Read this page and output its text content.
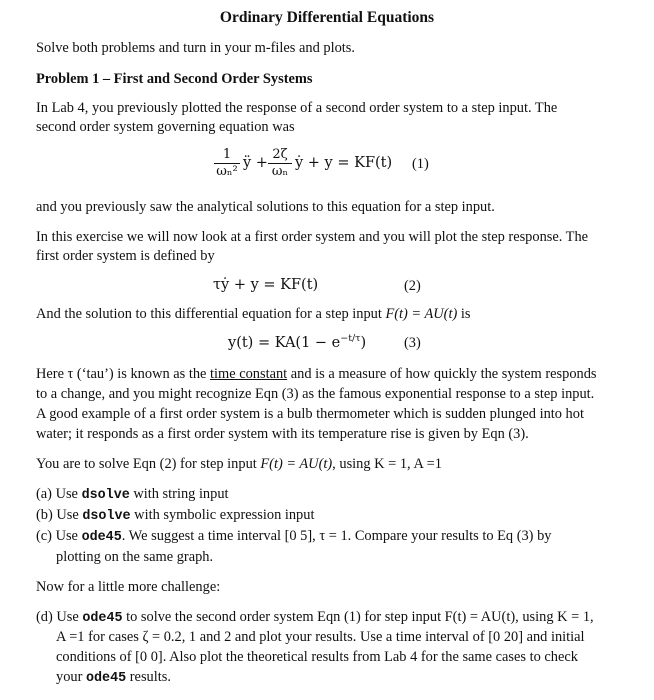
Ordinary Differential Equations
Solve both problems and turn in your m-files and plots.
Problem 1 – First and Second Order Systems
In Lab 4, you previously plotted the response of a second order system to a step input. The
second order system governing equation was
1
ωₙ²
ÿ +
2ζ
ωₙ
ẏ + y = KF(t) (1)
and you previously saw the analytical solutions to this equation for a step input.
In this exercise we will now look at a first order system and you will plot the step response. The
first order system is defined by
τẏ + y = KF(t)	(2)
And the solution to this differential equation for a step input F(t) = AU(t) is
$y(t) = KA(1 - e^{-t/\tau})$	(3)
Here τ (‘tau’) is known as the time constant and is a measure of how quickly the system responds
to a change, and you might recognize Eqn (3) as the famous exponential response to a step input.
A good example of a first order system is a bulb thermometer which is sudden plunged into hot
water; it responds as a first order system with its temperature rise is given by Eqn (3).
You are to solve Eqn (2) for step input F(t) = AU(t), using K = 1, A =1
(a) Use dsolve with string input
(b) Use dsolve with symbolic expression input
(c) Use ode45. We suggest a time interval [0 5], τ = 1. Compare your results to Eq (3) by
plotting on the same graph.
Now for a little more challenge:
(d) Use ode45 to solve the second order system Eqn (1) for step input F(t) = AU(t), using K = 1,
A =1 for cases ζ = 0.2, 1 and 2 and plot your results. Use a time interval of [0 20] and initial
conditions of [0 0]. Also plot the theoretical results from Lab 4 for the same cases to check
your ode45 results.
